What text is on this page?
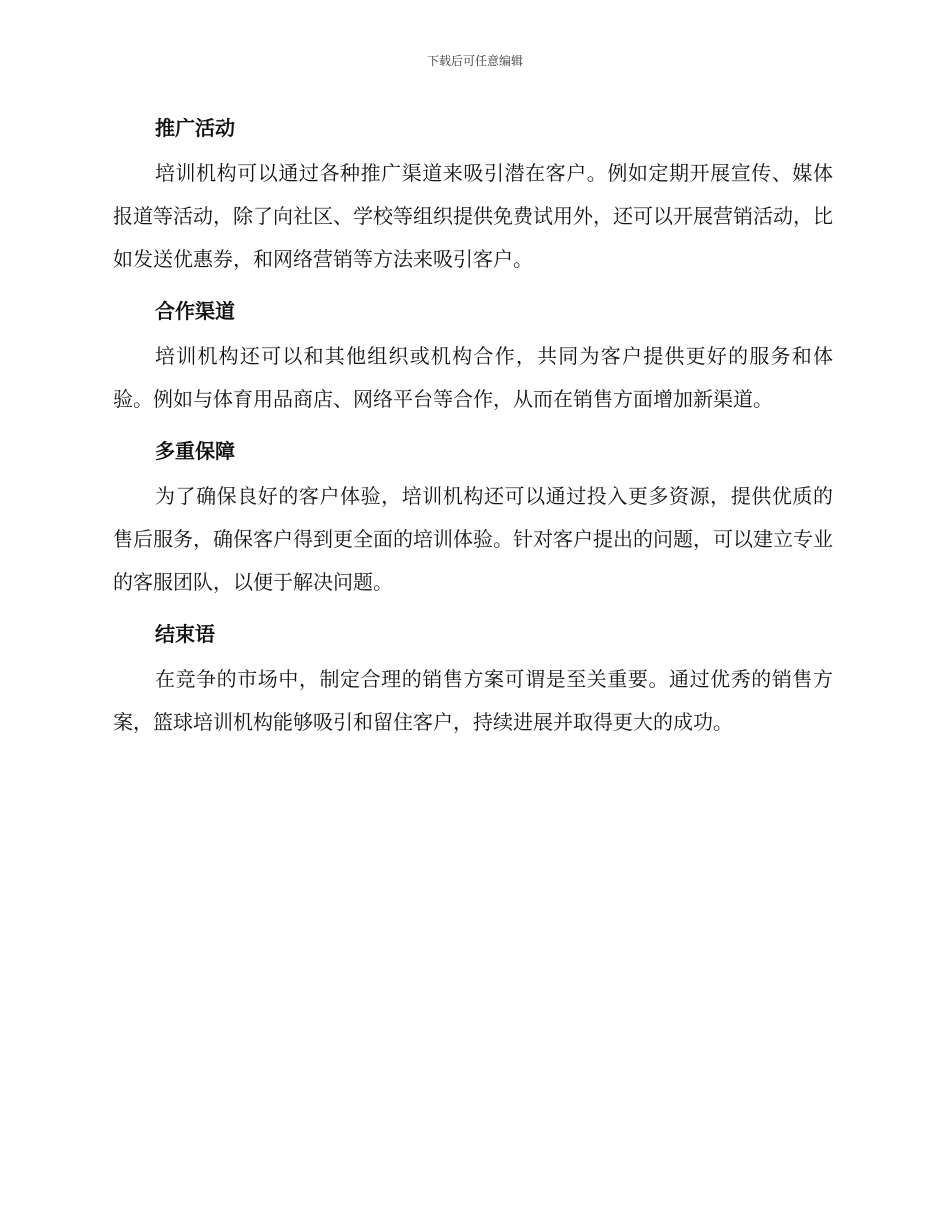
下载后可任意编辑
推广活动

培训机构可以通过各种推广渠道来吸引潜在客户。例如定期开展宣传、媒体报道等活动，除了向社区、学校等组织提供免费试用外，还可以开展营销活动，比如发送优惠券，和网络营销等方法来吸引客户。

合作渠道

培训机构还可以和其他组织或机构合作，共同为客户提供更好的服务和体验。例如与体育用品商店、网络平台等合作，从而在销售方面增加新渠道。

多重保障

为了确保良好的客户体验，培训机构还可以通过投入更多资源，提供优质的售后服务，确保客户得到更全面的培训体验。针对客户提出的问题，可以建立专业的客服团队，以便于解决问题。

结束语

在竞争的市场中，制定合理的销售方案可谓是至关重要。通过优秀的销售方案，篮球培训机构能够吸引和留住客户，持续进展并取得更大的成功。
